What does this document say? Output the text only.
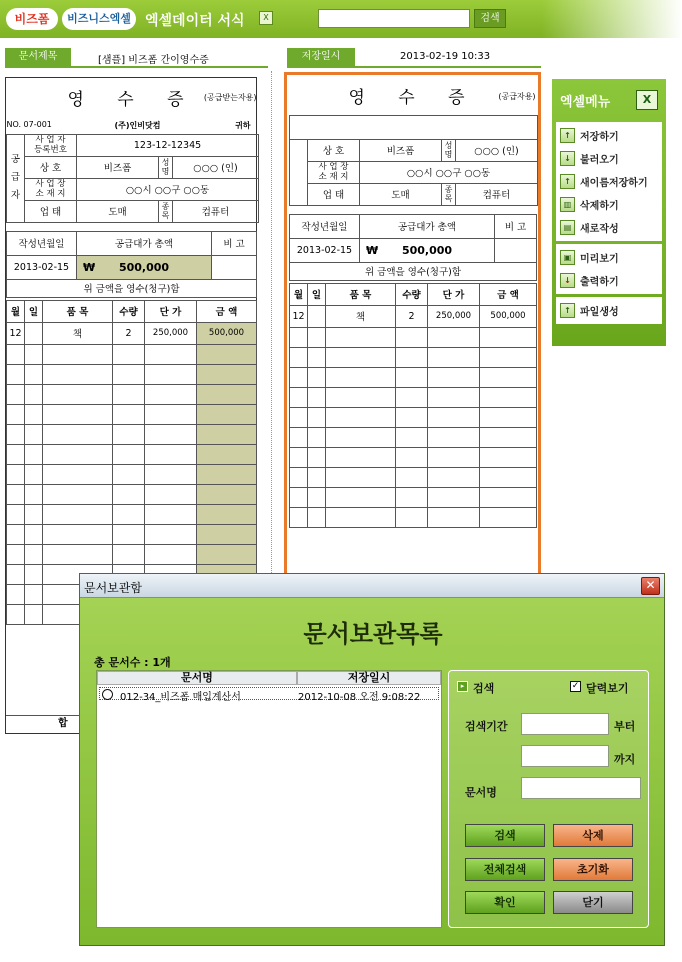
비즈폼	비즈니스엑셀	엑셀데이터 서식	X	검색
문서제목	[샘플] 비즈폼 간이영수증	저장일시	2013-02-19 10:33
영 수 증 (공급받는자용)				

NO. 07-001 (주)인비닷컴 귀하				

공 급 자	사 업 자
등록번호	123-12-12345		
	상 호	비즈폼	성명	○○○ (인)
	사 업 장
소 재 지	○○시 ○○구 ○○동		
	업 태	도매	종목	컴퓨터
작성년월일	공급대가 총액	비 고
2013-02-15	₩ 500,000	
위 금액을 영수(청구)함		
월	일	품 목	수량	단 가	금 액
12		책	2	250,000	500,000

합
영 수 증 (공급자용)				

	상 호	비즈폼	성명	○○○ (인)
	사 업 장
소 재 지	○○시 ○○구 ○○동		
	업 태	도매	종목	컴퓨터
작성년월일	공급대가 총액	비 고
2013-02-15	₩ 500,000	
위 금액을 영수(청구)함		
월	일	품 목	수량	단 가	금 액
12		책	2	250,000	500,000

엑셀메뉴	X
↑ 저장하기
↓ 불러오기
↑ 새이름저장하기
▥ 삭제하기
▤ 새로작성
▣ 미리보기
↓ 출력하기
↑ 파일생성
문서보관함	✕
문서보관목록
총 문서수 : 1개
문서명	저장일시
012-34_비즈폼 매입계산서	2012-10-08 오전 9:08:22
▸ 검색	✓ 달력보기
검색기간	부터
까지
문서명
검색	삭제
전체검색	초기화
확인	닫기
